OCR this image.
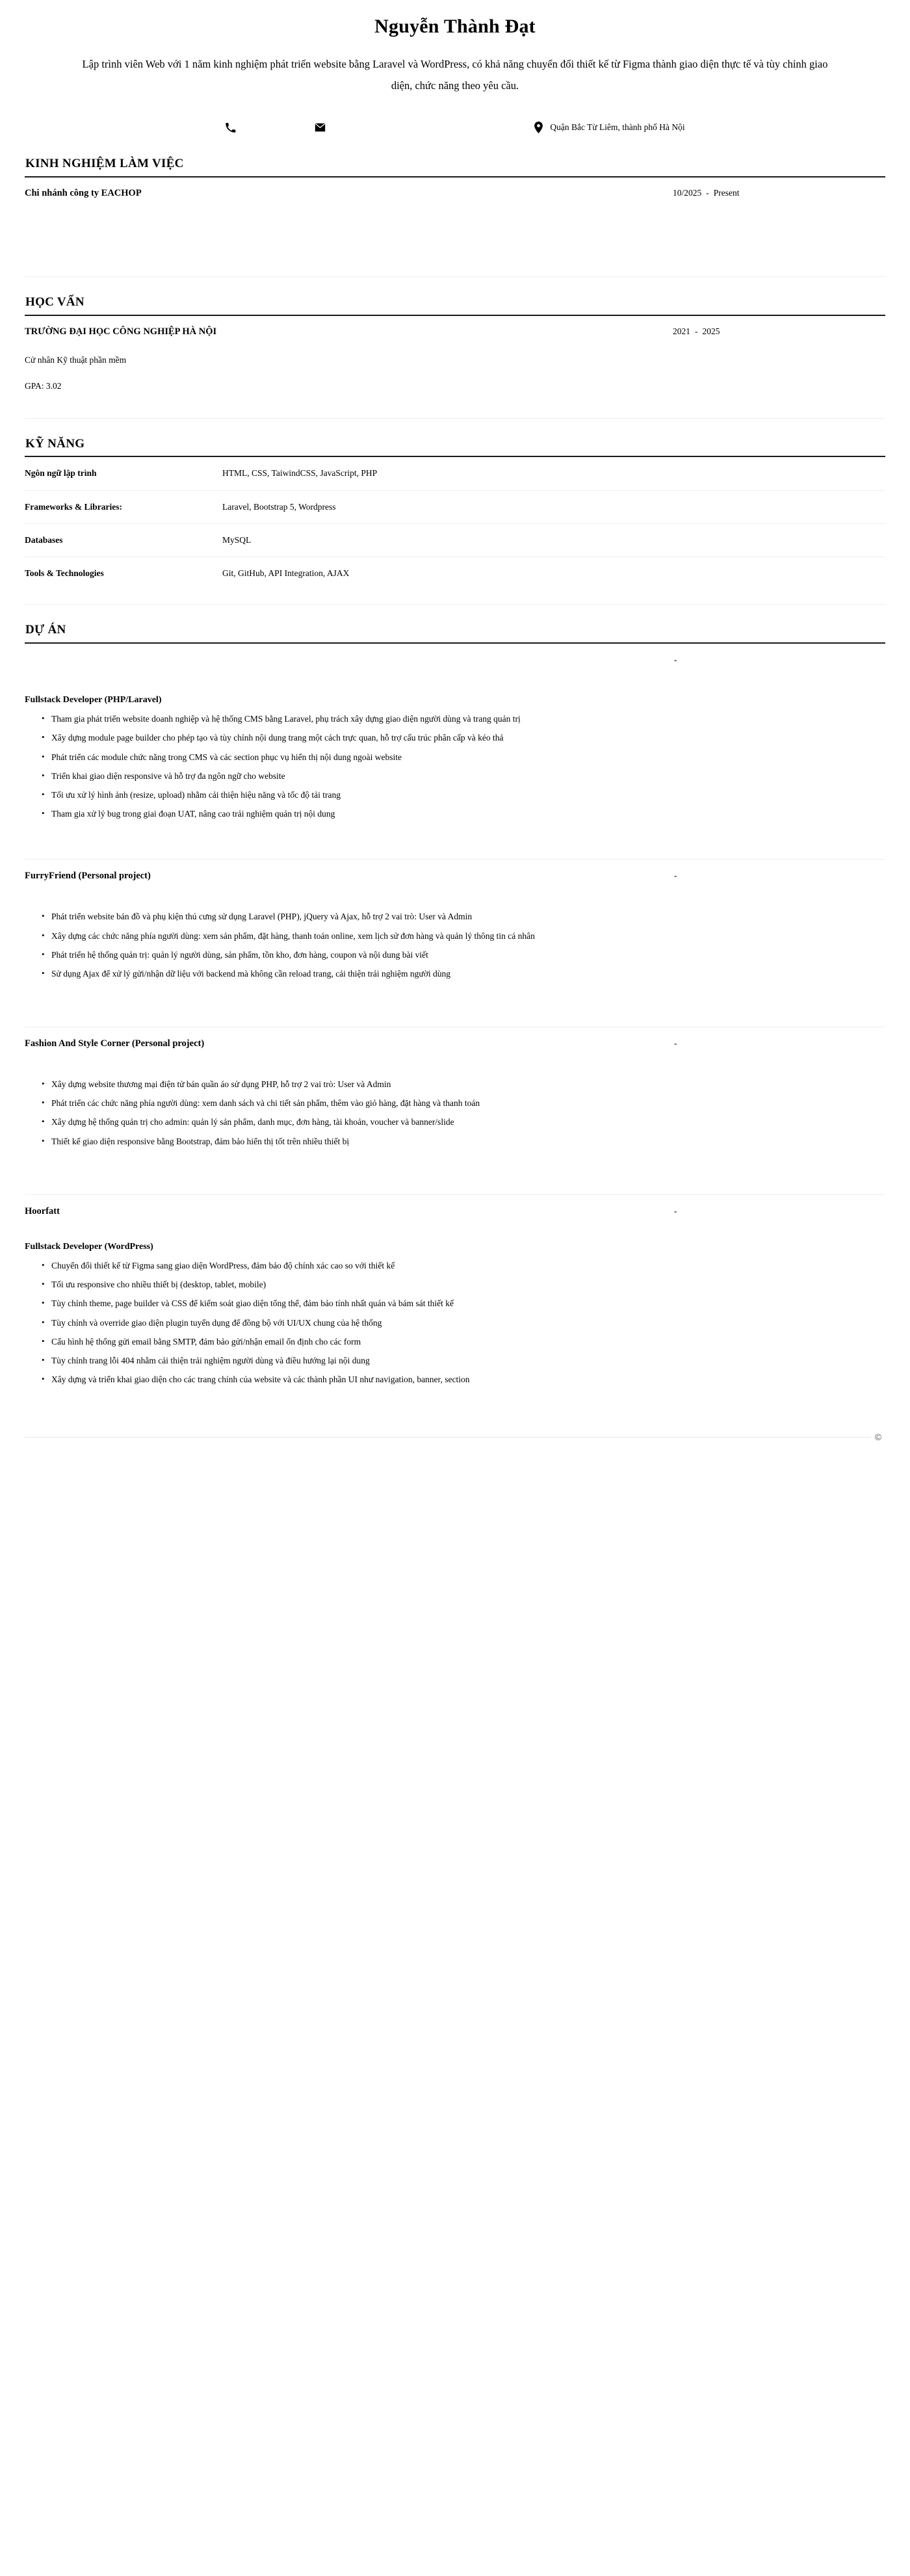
Nguyễn Thành Đạt

Lập trình viên Web với 1 năm kinh nghiệm phát triển website bằng Laravel và WordPress, có khả năng chuyển đổi thiết kế từ Figma thành giao diện thực tế và tùy chỉnh giao diện, chức năng theo yêu cầu.

Quận Bắc Từ Liêm, thành phố Hà Nội
KINH NGHIỆM LÀM VIỆC
Chi nhánh công ty EACHOP	10/2025 - Present
HỌC VẤN
TRƯỜNG ĐẠI HỌC CÔNG NGHIỆP HÀ NỘI	2021 - 2025
Cử nhân Kỹ thuật phần mềm
GPA: 3.02
KỸ NĂNG
Ngôn ngữ lập trình	HTML, CSS, TaiwindCSS, JavaScript, PHP
Frameworks & Libraries:	Laravel, Bootstrap 5, Wordpress
Databases	MySQL
Tools & Technologies	Git, GitHub, API Integration, AJAX
DỰ ÁN
-
Fullstack Developer (PHP/Laravel)
• Tham gia phát triển website doanh nghiệp và hệ thống CMS bằng Laravel, phụ trách xây dựng giao diện người dùng và trang quản trị
• Xây dựng module page builder cho phép tạo và tùy chỉnh nội dung trang một cách trực quan, hỗ trợ cấu trúc phân cấp và kéo thả
• Phát triển các module chức năng trong CMS và các section phục vụ hiển thị nội dung ngoài website
• Triển khai giao diện responsive và hỗ trợ đa ngôn ngữ cho website
• Tối ưu xử lý hình ảnh (resize, upload) nhằm cải thiện hiệu năng và tốc độ tải trang
• Tham gia xử lý bug trong giai đoạn UAT, nâng cao trải nghiệm quản trị nội dung
FurryFriend (Personal project)	-
• Phát triển website bán đồ và phụ kiện thú cưng sử dụng Laravel (PHP), jQuery và Ajax, hỗ trợ 2 vai trò: User và Admin
• Xây dựng các chức năng phía người dùng: xem sản phẩm, đặt hàng, thanh toán online, xem lịch sử đơn hàng và quản lý thông tin cá nhân
• Phát triển hệ thống quản trị: quản lý người dùng, sản phẩm, tồn kho, đơn hàng, coupon và nội dung bài viết
• Sử dụng Ajax để xử lý gửi/nhận dữ liệu với backend mà không cần reload trang, cải thiện trải nghiệm người dùng
Fashion And Style Corner (Personal project)	-
• Xây dựng website thương mại điện tử bán quần áo sử dụng PHP, hỗ trợ 2 vai trò: User và Admin
• Phát triển các chức năng phía người dùng: xem danh sách và chi tiết sản phẩm, thêm vào giỏ hàng, đặt hàng và thanh toán
• Xây dựng hệ thống quản trị cho admin: quản lý sản phẩm, danh mục, đơn hàng, tài khoản, voucher và banner/slide
• Thiết kế giao diện responsive bằng Bootstrap, đảm bảo hiển thị tốt trên nhiều thiết bị
Hoorfatt	-
Fullstack Developer (WordPress)
• Chuyển đổi thiết kế từ Figma sang giao diện WordPress, đảm bảo độ chính xác cao so với thiết kế
• Tối ưu responsive cho nhiều thiết bị (desktop, tablet, mobile)
• Tùy chỉnh theme, page builder và CSS để kiểm soát giao diện tổng thể, đảm bảo tính nhất quán và bám sát thiết kế
• Tùy chỉnh và override giao diện plugin tuyển dụng để đồng bộ với UI/UX chung của hệ thống
• Cấu hình hệ thống gửi email bằng SMTP, đảm bảo gửi/nhận email ổn định cho các form
• Tùy chỉnh trang lỗi 404 nhằm cải thiện trải nghiệm người dùng và điều hướng lại nội dung
• Xây dựng và triển khai giao diện cho các trang chính của website và các thành phần UI như navigation, banner, section
©
